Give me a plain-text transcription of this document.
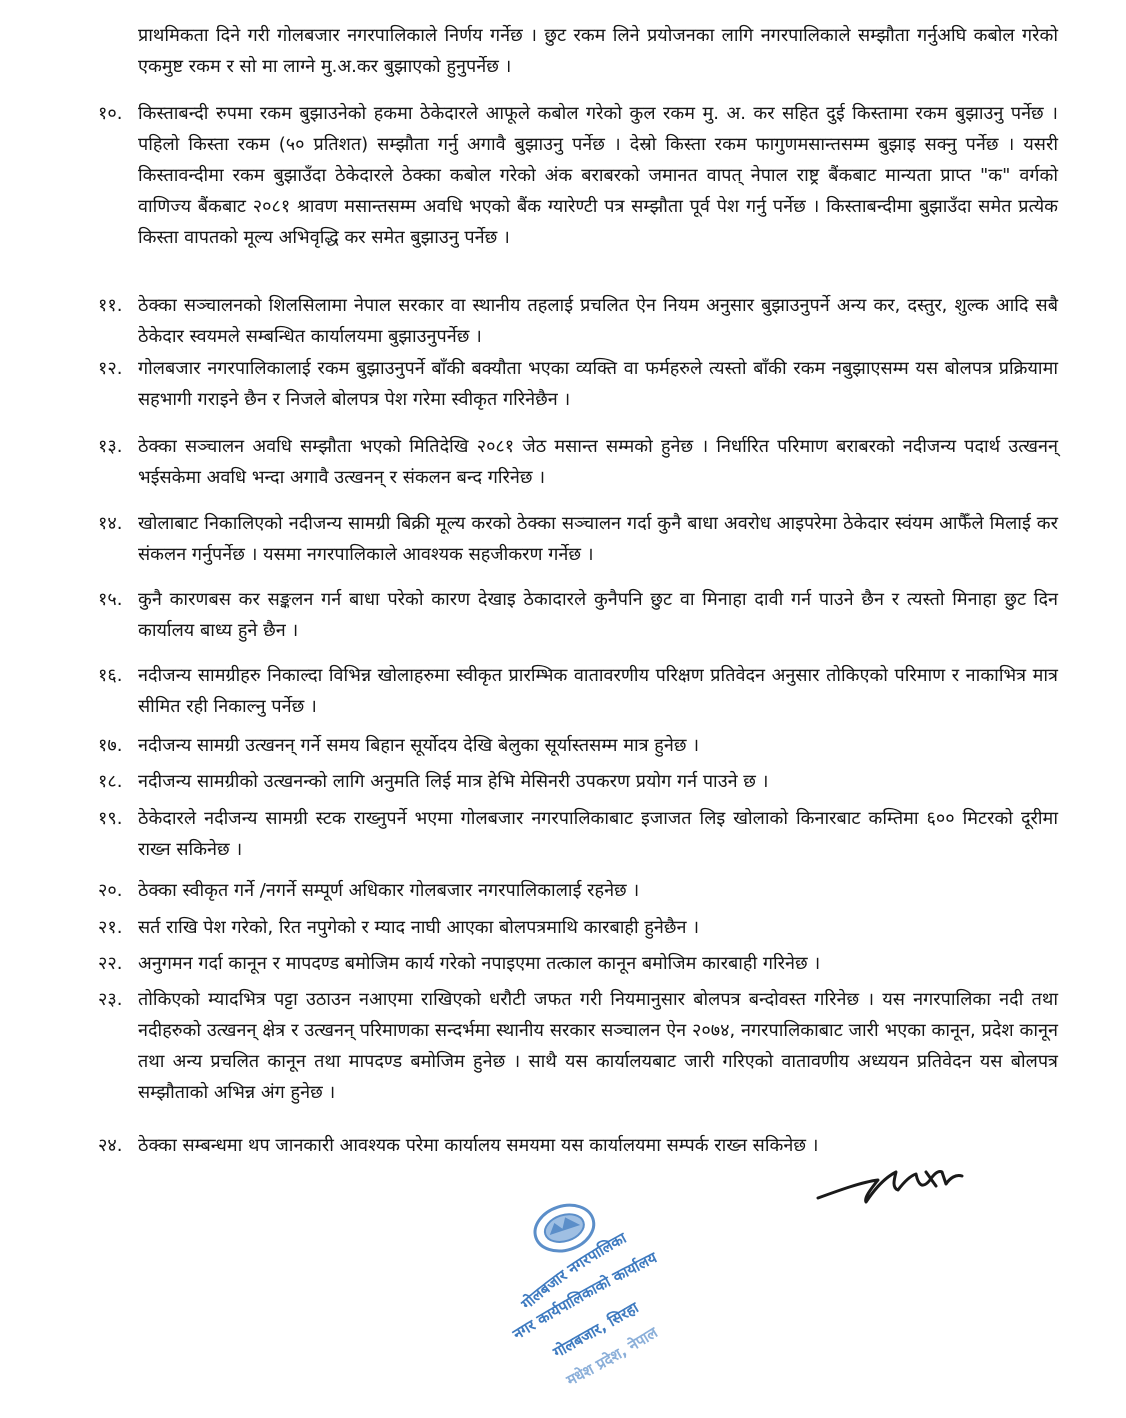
प्राथमिकता दिने गरी गोलबजार नगरपालिकाले निर्णय गर्नेछ । छुट रकम लिने प्रयोजनका लागि नगरपालिकाले सम्झौता गर्नुअघि कबोल गरेको एकमुष्ट रकम र सो मा लाग्ने मु.अ.कर बुझाएको हुनुपर्नेछ ।
१०. किस्ताबन्दी रुपमा रकम बुझाउनेको हकमा ठेकेदारले आफूले कबोल गरेको कुल रकम मु. अ. कर सहित दुई किस्तामा रकम बुझाउनु पर्नेछ । पहिलो किस्ता रकम (५० प्रतिशत) सम्झौता गर्नु अगावै बुझाउनु पर्नेछ । देस्रो किस्ता रकम फागुणमसान्तसम्म बुझाइ सक्नु पर्नेछ । यसरी किस्तावन्दीमा रकम बुझाउँदा ठेकेदारले ठेक्का कबोल गरेको अंक बराबरको जमानत वापत् नेपाल राष्ट्र बैंकबाट मान्यता प्राप्त "क" वर्गको वाणिज्य बैंकबाट २०८१ श्रावण मसान्तसम्म अवधि भएको बैंक ग्यारेण्टी पत्र सम्झौता पूर्व पेश गर्नु पर्नेछ । किस्ताबन्दीमा बुझाउँदा समेत प्रत्येक किस्ता वापतको मूल्य अभिवृद्धि कर समेत बुझाउनु पर्नेछ ।
११. ठेक्का सञ्चालनको शिलसिलामा नेपाल सरकार वा स्थानीय तहलाई प्रचलित ऐन नियम अनुसार बुझाउनुपर्ने अन्य कर, दस्तुर, शुल्क आदि सबै ठेकेदार स्वयमले सम्बन्धित कार्यालयमा बुझाउनुपर्नेछ ।
१२. गोलबजार नगरपालिकालाई रकम बुझाउनुपर्ने बाँकी बक्यौता भएका व्यक्ति वा फर्महरुले त्यस्तो बाँकी रकम नबुझाएसम्म यस बोलपत्र प्रक्रियामा सहभागी गराइने छैन र निजले बोलपत्र पेश गरेमा स्वीकृत गरिनेछैन ।
१३. ठेक्का सञ्चालन अवधि सम्झौता भएको मितिदेखि २०८१ जेठ मसान्त सम्मको हुनेछ । निर्धारित परिमाण बराबरको नदीजन्य पदार्थ उत्खनन् भईसकेमा अवधि भन्दा अगावै उत्खनन् र संकलन बन्द गरिनेछ ।
१४. खोलाबाट निकालिएको नदीजन्य सामग्री बिक्री मूल्य करको ठेक्का सञ्चालन गर्दा कुनै बाधा अवरोध आइपरेमा ठेकेदार स्वंयम आफैँले मिलाई कर संकलन गर्नुपर्नेछ । यसमा नगरपालिकाले आवश्यक सहजीकरण गर्नेछ ।
१५. कुनै कारणबस कर सङ्कलन गर्न बाधा परेको कारण देखाइ ठेकादारले कुनैपनि छुट वा मिनाहा दावी गर्न पाउने छैन र त्यस्तो मिनाहा छुट दिन कार्यालय बाध्य हुने छैन ।
१६. नदीजन्य सामग्रीहरु निकाल्दा विभिन्न खोलाहरुमा स्वीकृत प्रारम्भिक वातावरणीय परिक्षण प्रतिवेदन अनुसार तोकिएको परिमाण र नाकाभित्र मात्र सीमित रही निकाल्नु पर्नेछ ।
१७. नदीजन्य सामग्री उत्खनन् गर्ने समय बिहान सूर्योदय देखि बेलुका सूर्यास्तसम्म मात्र हुनेछ ।
१८. नदीजन्य सामग्रीको उत्खनन्को लागि अनुमति लिई मात्र हेभि मेसिनरी उपकरण प्रयोग गर्न पाउने छ ।
१९. ठेकेदारले नदीजन्य सामग्री स्टक राख्नुपर्ने भएमा गोलबजार नगरपालिकाबाट इजाजत लिइ खोलाको किनारबाट कम्तिमा ६०० मिटरको दूरीमा राख्न सकिनेछ ।
२०. ठेक्का स्वीकृत गर्ने /नगर्ने सम्पूर्ण अधिकार गोलबजार नगरपालिकालाई रहनेछ ।
२१. सर्त राखि पेश गरेको, रित नपुगेको र म्याद नाघी आएका बोलपत्रमाथि कारबाही हुनेछैन ।
२२. अनुगमन गर्दा कानून र मापदण्ड बमोजिम कार्य गरेको नपाइएमा तत्काल कानून बमोजिम कारबाही गरिनेछ ।
२३. तोकिएको म्यादभित्र पट्टा उठाउन नआएमा राखिएको धरौटी जफत गरी नियमानुसार बोलपत्र बन्दोवस्त गरिनेछ । यस नगरपालिका नदी तथा नदीहरुको उत्खनन् क्षेत्र र उत्खनन् परिमाणका सन्दर्भमा स्थानीय सरकार सञ्चालन ऐन २०७४, नगरपालिकाबाट जारी भएका कानून, प्रदेश कानून तथा अन्य प्रचलित कानून तथा मापदण्ड बमोजिम हुनेछ । साथै यस कार्यालयबाट जारी गरिएको वातावणीय अध्ययन प्रतिवेदन यस बोलपत्र सम्झौताको अभिन्न अंग हुनेछ ।
२४. ठेक्का सम्बन्धमा थप जानकारी आवश्यक परेमा कार्यालय समयमा यस कार्यालयमा सम्पर्क राख्न सकिनेछ ।
गोलबजार नगरपालिका
नगर कार्यपालिकाको कार्यालय
गोलबजार, सिरहा
मधेश प्रदेश, नेपाल
